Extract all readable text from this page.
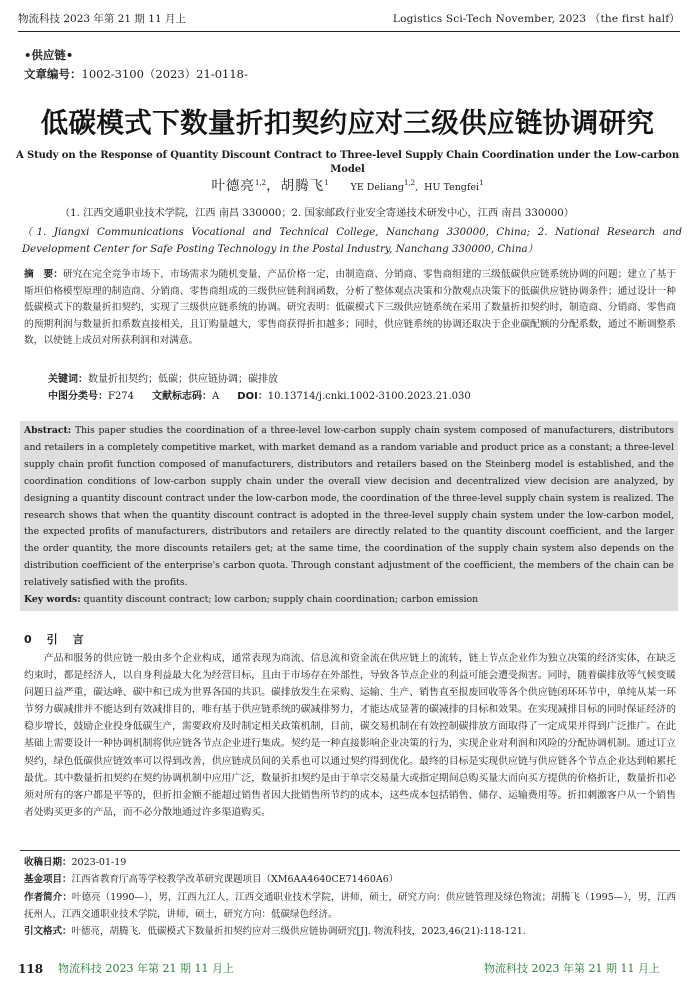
物流科技 2023 年第 21 期 11 月上	Logistics Sci-Tech November, 2023 （the first half）
•供应链•
文章编号：1002-3100（2023）21-0118-
低碳模式下数量折扣契约应对三级供应链协调研究
A Study on the Response of Quantity Discount Contract to Three-level Supply Chain Coordination under the Low-carbon Model
叶德亮$^{1,2}$，胡腾飞$^1$ YE Deliang$^{1,2}$,  HU Tengfei$^1$
（1. 江西交通职业技术学院，江西 南昌 330000；2. 国家邮政行业安全寄递技术研发中心，江西 南昌 330000）
（1. Jiangxi Communications Vocational and Technical College, Nanchang 330000, China; 2. National Research and Development Center for Safe Posting Technology in the Postal Industry, Nanchang 330000, China）
摘　要：研究在完全竞争市场下，市场需求为随机变量，产品价格一定，由制造商、分销商、零售商组建的三级低碳供应链系统协调的问题；建立了基于斯坦伯格模型原理的制造商、分销商、零售商组成的三级供应链利润函数，分析了整体观点决策和分散观点决策下的低碳供应链协调条件；通过设计一种低碳模式下的数量折扣契约，实现了三级供应链系统的协调。研究表明：低碳模式下三级供应链系统在采用了数量折扣契约时，制造商、分销商、零售商的预期利润与数量折扣系数直接相关，且订购量越大，零售商获得折扣越多；同时，供应链系统的协调还取决于企业碳配额的分配系数，通过不断调整系数，以使链上成员对所获利润和对满意。
关键词：数量折扣契约；低碳；供应链协调；碳排放
中图分类号：F274 文献标志码：A DOI：10.13714/j.cnki.1002-3100.2023.21.030
Abstract: This paper studies the coordination of a three-level low-carbon supply chain system composed of manufacturers, distributors and retailers in a completely competitive market, with market demand as a random variable and product price as a constant; a three-level supply chain profit function composed of manufacturers, distributors and retailers based on the Steinberg model is established, and the coordination conditions of low-carbon supply chain under the overall view decision and decentralized view decision are analyzed, by designing a quantity discount contract under the low-carbon mode, the coordination of the three-level supply chain system is realized. The research shows that when the quantity discount contract is adopted in the three-level supply chain system under the low-carbon model, the expected profits of manufacturers, distributors and retailers are directly related to the quantity discount coefficient, and the larger the order quantity, the more discounts retailers get; at the same time, the coordination of the supply chain system also depends on the distribution coefficient of the enterprise's carbon quota. Through constant adjustment of the coefficient, the members of the chain can be relatively satisfied with the profits.
Key words: quantity discount contract; low carbon; supply chain coordination; carbon emission
0　引　言

产品和服务的供应链一般由多个企业构成，通常表现为商流、信息流和资金流在供应链上的流转，链上节点企业作为独立决策的经济实体，在缺乏约束时，都是经济人，以自身利益最大化为经营目标，且由于市场存在外部性，导致各节点企业的利益可能会遭受损害。同时，随着碳排放等气候变暖问题日益严重，碳达峰、碳中和已成为世界各国的共识。碳排放发生在采购、运输、生产、销售直至报废回收等各个供应链闭环环节中，单纯从某一环节努力碳减排并不能达到有效减排目的，唯有基于供应链系统的碳减排努力，才能达成显著的碳减排的目标和效果。在实现减排目标的同时保证经济的稳步增长，鼓励企业投身低碳生产，需要政府及时制定相关政策机制，目前，碳交易机制在有效控制碳排放方面取得了一定成果并得到广泛推广。在此基础上需要设计一种协调机制将供应链各节点企业进行集成。契约是一种直接影响企业决策的行为，实现企业对利润和风险的分配协调机制。通过订立契约，绿色低碳供应链效率可以得到改善，供应链成员间的关系也可以通过契约得到优化。最终的目标是实现供应链与供应链各个节点企业达到帕累托最优。其中数量折扣契约在契约协调机制中应用广泛，数量折扣契约是由于单宗交易量大或指定期间总购买量大而向买方提供的价格折让，数量折扣必须对所有的客户都是平等的，但折扣金额不能超过销售者因大批销售所节约的成本，这些成本包括销售、储存、运输费用等。折扣刺激客户从一个销售者处购买更多的产品，而不必分散地通过许多渠道购买。

收稿日期：2023-01-19
基金项目：江西省教育厅高等学校教学改革研究课题项目（XM6AA4640CE71460A6）
作者简介：叶德亮（1990—），男，江西九江人，江西交通职业技术学院，讲师，硕士，研究方向：供应链管理及绿色物流；胡腾飞（1995—），男，江西抚州人，江西交通职业技术学院，讲师，硕士，研究方向：低碳绿色经济。
引文格式：叶德亮，胡腾飞．低碳模式下数量折扣契约应对三级供应链协调研究[J]. 物流科技，2023,46(21):118-121.
118 物流科技 2023 年第 21 期 11 月上	物流科技 2023 年第 21 期 11 月上
